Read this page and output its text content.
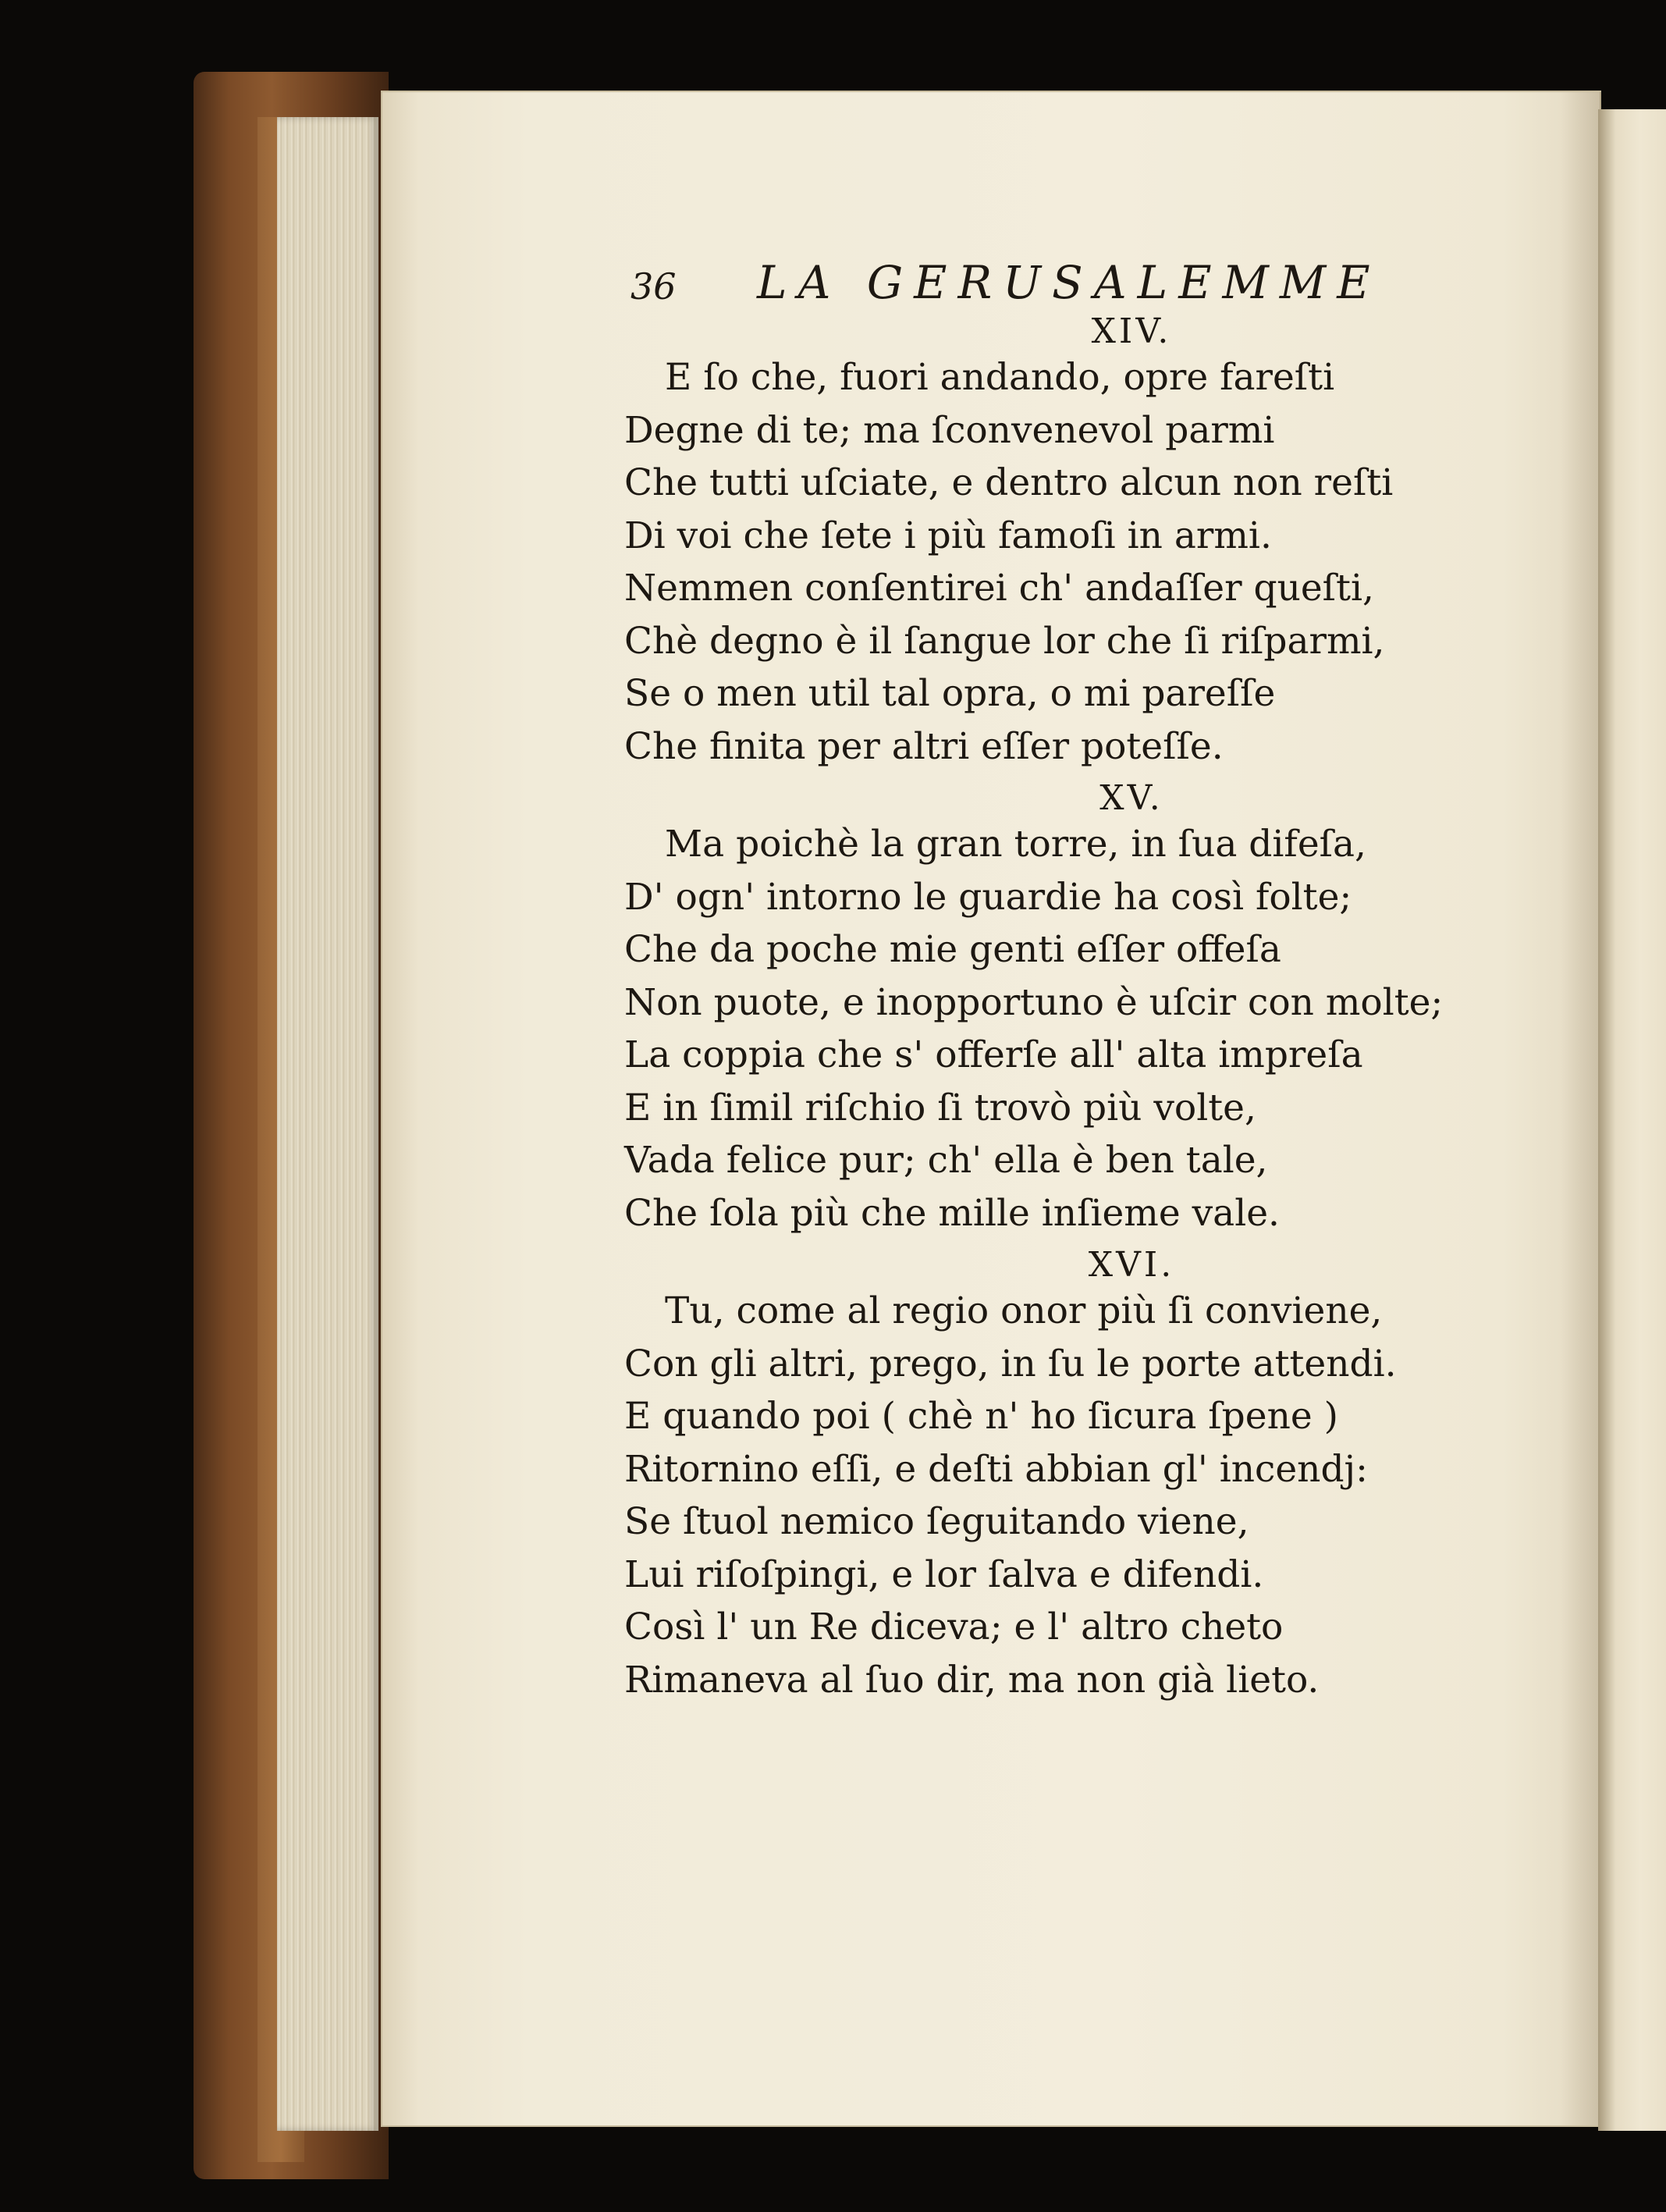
36 LA GERUSALEMME

XIV.

E ſo che, fuori andando, opre fareſti

Degne di te; ma ſconvenevol parmi

Che tutti uſciate, e dentro alcun non reſti

Di voi che ſete i più famoſi in armi.

Nemmen conſentirei ch' andaſſer queſti,

Chè degno è il ſangue lor che ſi riſparmi,

Se o men util tal opra, o mi pareſſe

Che finita per altri eſſer poteſſe.

XV.

Ma poichè la gran torre, in ſua difeſa,

D' ogn' intorno le guardie ha così folte;

Che da poche mie genti eſſer offeſa

Non puote, e inopportuno è uſcir con molte;

La coppia che s' offerſe all' alta impreſa

E in ſimil riſchio ſi trovò più volte,

Vada felice pur; ch' ella è ben tale,

Che ſola più che mille inſieme vale.

XVI.

Tu, come al regio onor più ſi conviene,

Con gli altri, prego, in ſu le porte attendi.

E quando poi ( chè n' ho ſicura ſpene )

Ritornino eſſi, e deſti abbian gl' incendj:

Se ſtuol nemico ſeguitando viene,

Lui riſoſpingi, e lor ſalva e difendi.

Così l' un Re diceva; e l' altro cheto

Rimaneva al ſuo dir, ma non già lieto.
